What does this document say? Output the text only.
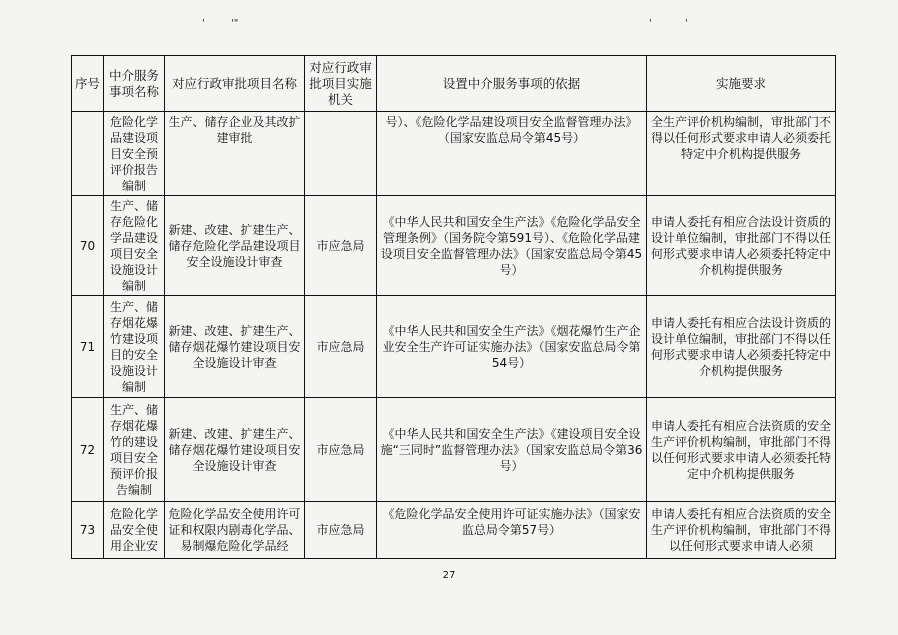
'	'"	'	'
序号	中介服务事项名称	对应行政审批项目名称	对应行政审批项目实施机关	设置中介服务事项的依据	实施要求
	危险化学品建设项目安全预评价报告编制	生产、储存企业及其改扩建审批		号）、《危险化学品建设项目安全监督管理办法》（国家安监总局令第45号）	全生产评价机构编制，审批部门不得以任何形式要求申请人必须委托特定中介机构提供服务
70	生产、储存危险化学品建设项目安全设施设计编制	新建、改建、扩建生产、储存危险化学品建设项目安全设施设计审查	市应急局	《中华人民共和国安全生产法》《危险化学品安全管理条例》（国务院令第591号）、《危险化学品建设项目安全监督管理办法》（国家安监总局令第45号）	申请人委托有相应合法设计资质的设计单位编制，审批部门不得以任何形式要求申请人必须委托特定中介机构提供服务
71	生产、储存烟花爆竹建设项目的安全设施设计编制	新建、改建、扩建生产、储存烟花爆竹建设项目安全设施设计审查	市应急局	《中华人民共和国安全生产法》《烟花爆竹生产企业安全生产许可证实施办法》（国家安监总局令第54号）	申请人委托有相应合法设计资质的设计单位编制，审批部门不得以任何形式要求申请人必须委托特定中介机构提供服务
72	生产、储存烟花爆竹的建设项目安全预评价报告编制	新建、改建、扩建生产、储存烟花爆竹建设项目安全设施设计审查	市应急局	《中华人民共和国安全生产法》《建设项目安全设施“三同时”监督管理办法》（国家安监总局令第36号）	申请人委托有相应合法资质的安全生产评价机构编制，审批部门不得以任何形式要求申请人必须委托特定中介机构提供服务
73	危险化学品安全使用企业安	危险化学品安全使用许可证和权限内剧毒化学品、易制爆危险化学品经	市应急局	《危险化学品安全使用许可证实施办法》（国家安监总局令第57号）	申请人委托有相应合法资质的安全生产评价机构编制，审批部门不得以任何形式要求申请人必须
27
